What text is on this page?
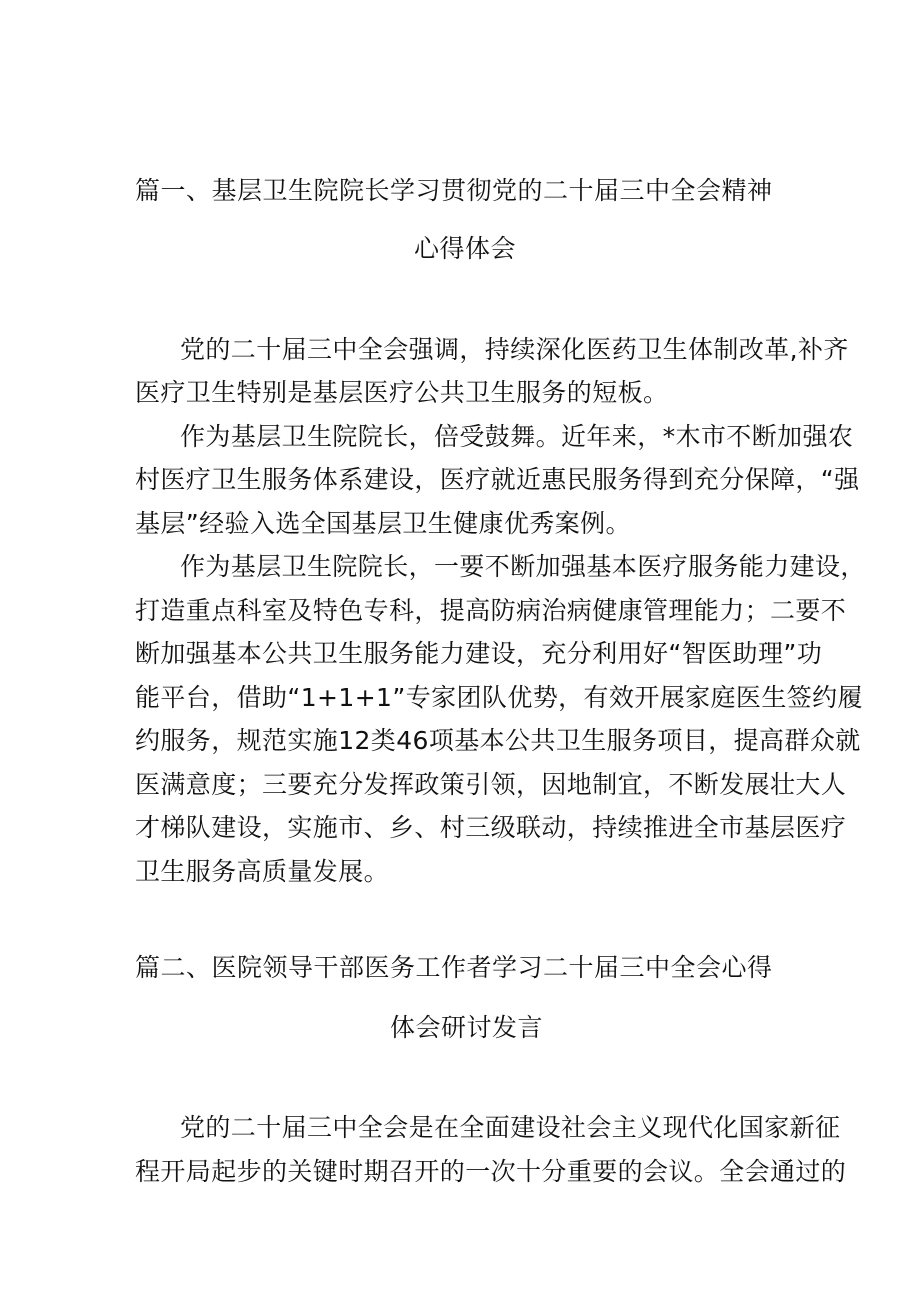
篇一、基层卫生院院长学习贯彻党的二十届三中全会精神
心得体会
党的二十届三中全会强调，持续深化医药卫生体制改革,补齐
医疗卫生特别是基层医疗公共卫生服务的短板。
作为基层卫生院院长，倍受鼓舞。近年来，*木市不断加强农
村医疗卫生服务体系建设，医疗就近惠民服务得到充分保障，“强
基层”经验入选全国基层卫生健康优秀案例。
作为基层卫生院院长，一要不断加强基本医疗服务能力建设，
打造重点科室及特色专科，提高防病治病健康管理能力；二要不
断加强基本公共卫生服务能力建设，充分利用好“智医助理”功
能平台，借助“1+1+1”专家团队优势，有效开展家庭医生签约履
约服务，规范实施12类46项基本公共卫生服务项目，提高群众就
医满意度；三要充分发挥政策引领，因地制宜，不断发展壮大人
才梯队建设，实施市、乡、村三级联动，持续推进全市基层医疗
卫生服务高质量发展。
篇二、医院领导干部医务工作者学习二十届三中全会心得
体会研讨发言
党的二十届三中全会是在全面建设社会主义现代化国家新征
程开局起步的关键时期召开的一次十分重要的会议。全会通过的
